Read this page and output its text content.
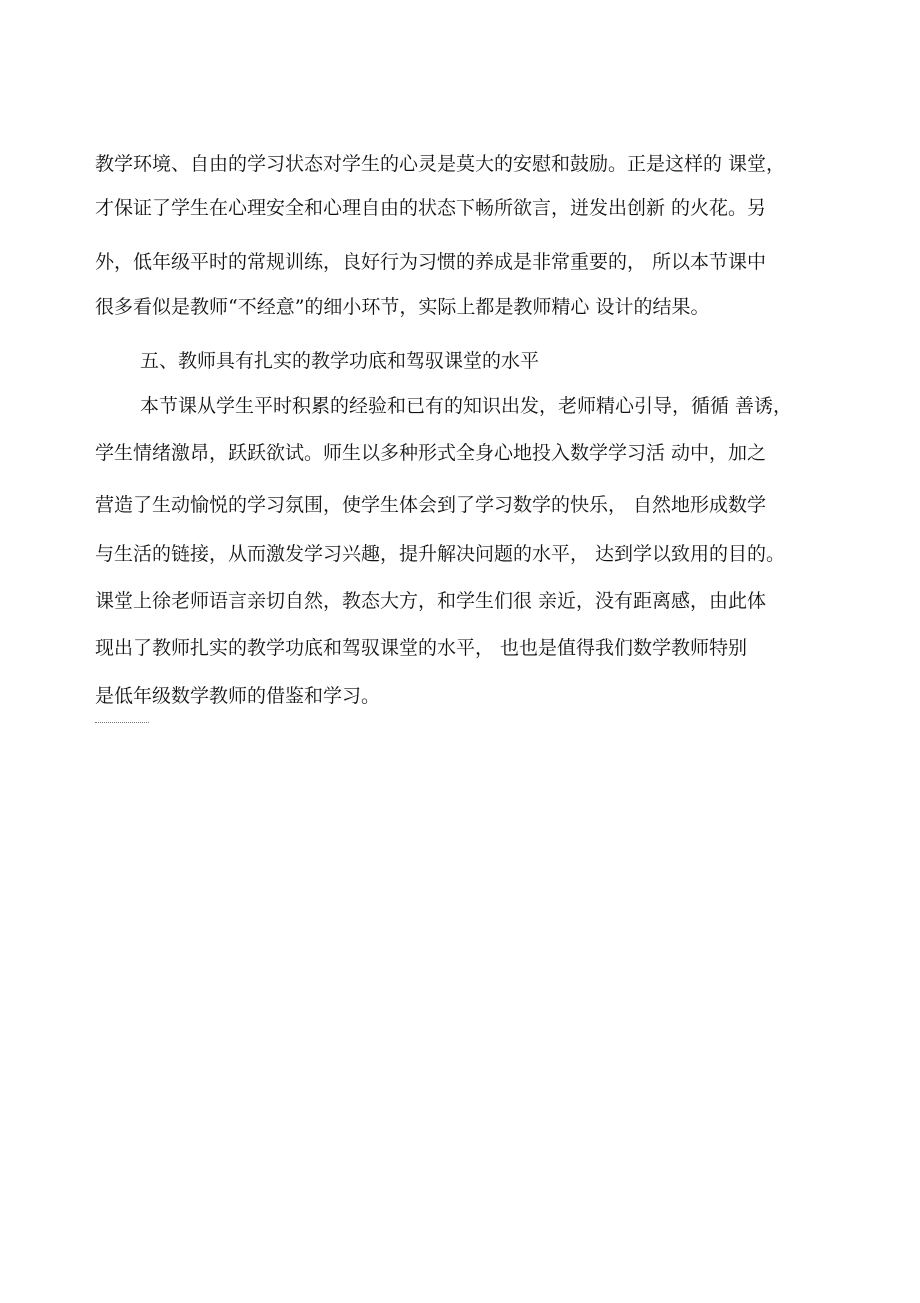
教学环境、自由的学习状态对学生的心灵是莫大的安慰和鼓励。正是这样的 课堂，
才保证了学生在心理安全和心理自由的状态下畅所欲言，迸发出创新 的火花。另
外，低年级平时的常规训练，良好行为习惯的养成是非常重要的， 所以本节课中
很多看似是教师“不经意”的细小环节，实际上都是教师精心 设计的结果。
五、教师具有扎实的教学功底和驾驭课堂的水平
本节课从学生平时积累的经验和已有的知识出发，老师精心引导，循循 善诱，
学生情绪激昂，跃跃欲试。师生以多种形式全身心地投入数学学习活 动中，加之
营造了生动愉悦的学习氛围，使学生体会到了学习数学的快乐， 自然地形成数学
与生活的链接，从而激发学习兴趣，提升解决问题的水平， 达到学以致用的目的。
课堂上徐老师语言亲切自然，教态大方，和学生们很 亲近，没有距离感，由此体
现出了教师扎实的教学功底和驾驭课堂的水平， 也也是值得我们数学教师特别
是低年级数学教师的借鉴和学习。
